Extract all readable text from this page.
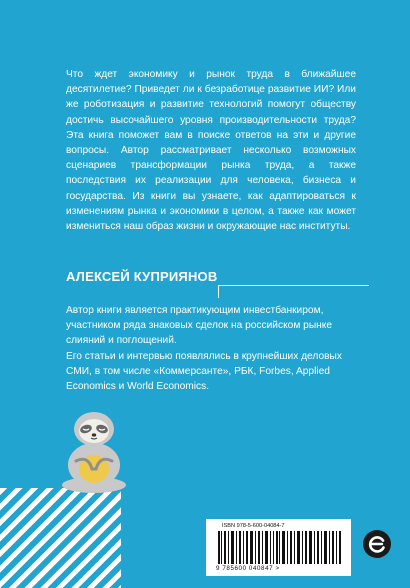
Что ждет экономику и рынок труда в ближайшее десятилетие? Приведет ли к безработице развитие ИИ? Или же роботизация и развитие технологий помогут обществу достичь высочайшего уровня производительности труда? Эта книга поможет вам в поиске ответов на эти и другие вопросы. Автор рассматривает несколько возможных сценариев трансформации рынка труда, а также последствия их реализации для человека, бизнеса и государства. Из книги вы узнаете, как адаптироваться к изменениям рынка и экономики в целом, а также как может измениться наш образ жизни и окружающие нас институты.

АЛЕКСЕЙ КУПРИЯНОВ

Автор книги является практикующим инвестбанкиром, участником ряда знаковых сделок на российском рынке слияний и поглощений.
Его статьи и интервью появлялись в крупнейших деловых СМИ, в том числе «Коммерсанте», РБК, Forbes, Applied Economics и World Economics.

ISBN 978-5-600-04084-7

9 785600 040847 >
